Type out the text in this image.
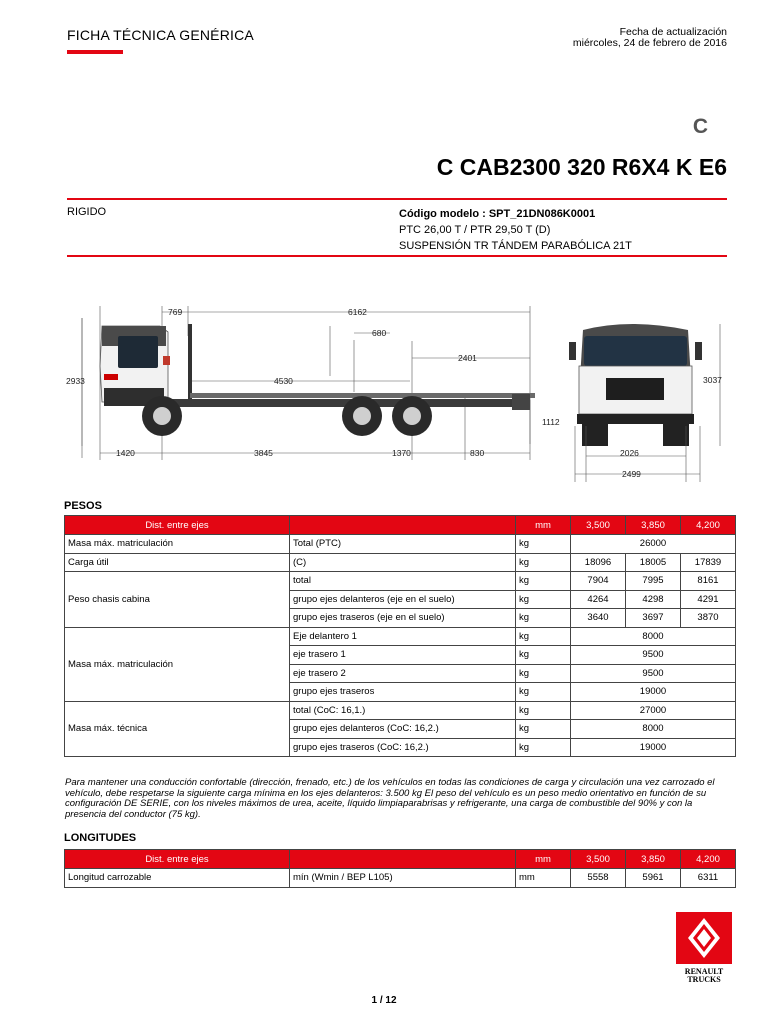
FICHA TÉCNICA GENÉRICA	Fecha de actualización
miércoles, 24 de febrero de 2016
C
C CAB2300 320 R6X4 K E6
RIGIDO	Código modelo : SPT_21DN086K0001
PTC 26,00 T / PTR 29,50 T (D)
SUSPENSIÓN TR TÁNDEM PARABÓLICA 21T
769	6162
680
2401
2933	4530
1112
1420	3845	1370	830
3037
2026
2499
PESOS
Dist. entre ejes		mm	3,500	3,850	4,200
Masa máx. matriculación	Total (PTC)	kg	26000		
Carga útil	(C)	kg	18096	18005	17839
Peso chasis cabina	total	kg	7904	7995	8161
	grupo ejes delanteros (eje en el suelo)	kg	4264	4298	4291
	grupo ejes traseros (eje en el suelo)	kg	3640	3697	3870
Masa máx. matriculación	Eje delantero 1	kg	8000		
	eje trasero 1	kg	9500		
	eje trasero 2	kg	9500		
	grupo ejes traseros	kg	19000		
Masa máx. técnica	total (CoC: 16,1.)	kg	27000		
	grupo ejes delanteros (CoC: 16,2.)	kg	8000		
	grupo ejes traseros (CoC: 16,2.)	kg	19000		
Para mantener una conducción confortable (dirección, frenado, etc.) de los vehículos en todas las condiciones de carga y circulación una vez carrozado el vehículo, debe respetarse la siguiente carga mínima en los ejes delanteros: 3.500 kg El peso del vehículo es un peso medio orientativo en función de su configuración DE SERIE, con los niveles máximos de urea, aceite, líquido limpiaparabrisas y refrigerante, una carga de combustible del 90% y con la presencia del conductor (75 kg).
LONGITUDES
Dist. entre ejes		mm	3,500	3,850	4,200
Longitud carrozable	mín (Wmin / BEP L105)	mm	5558	5961	6311
RENAULT
TRUCKS
1 / 12
